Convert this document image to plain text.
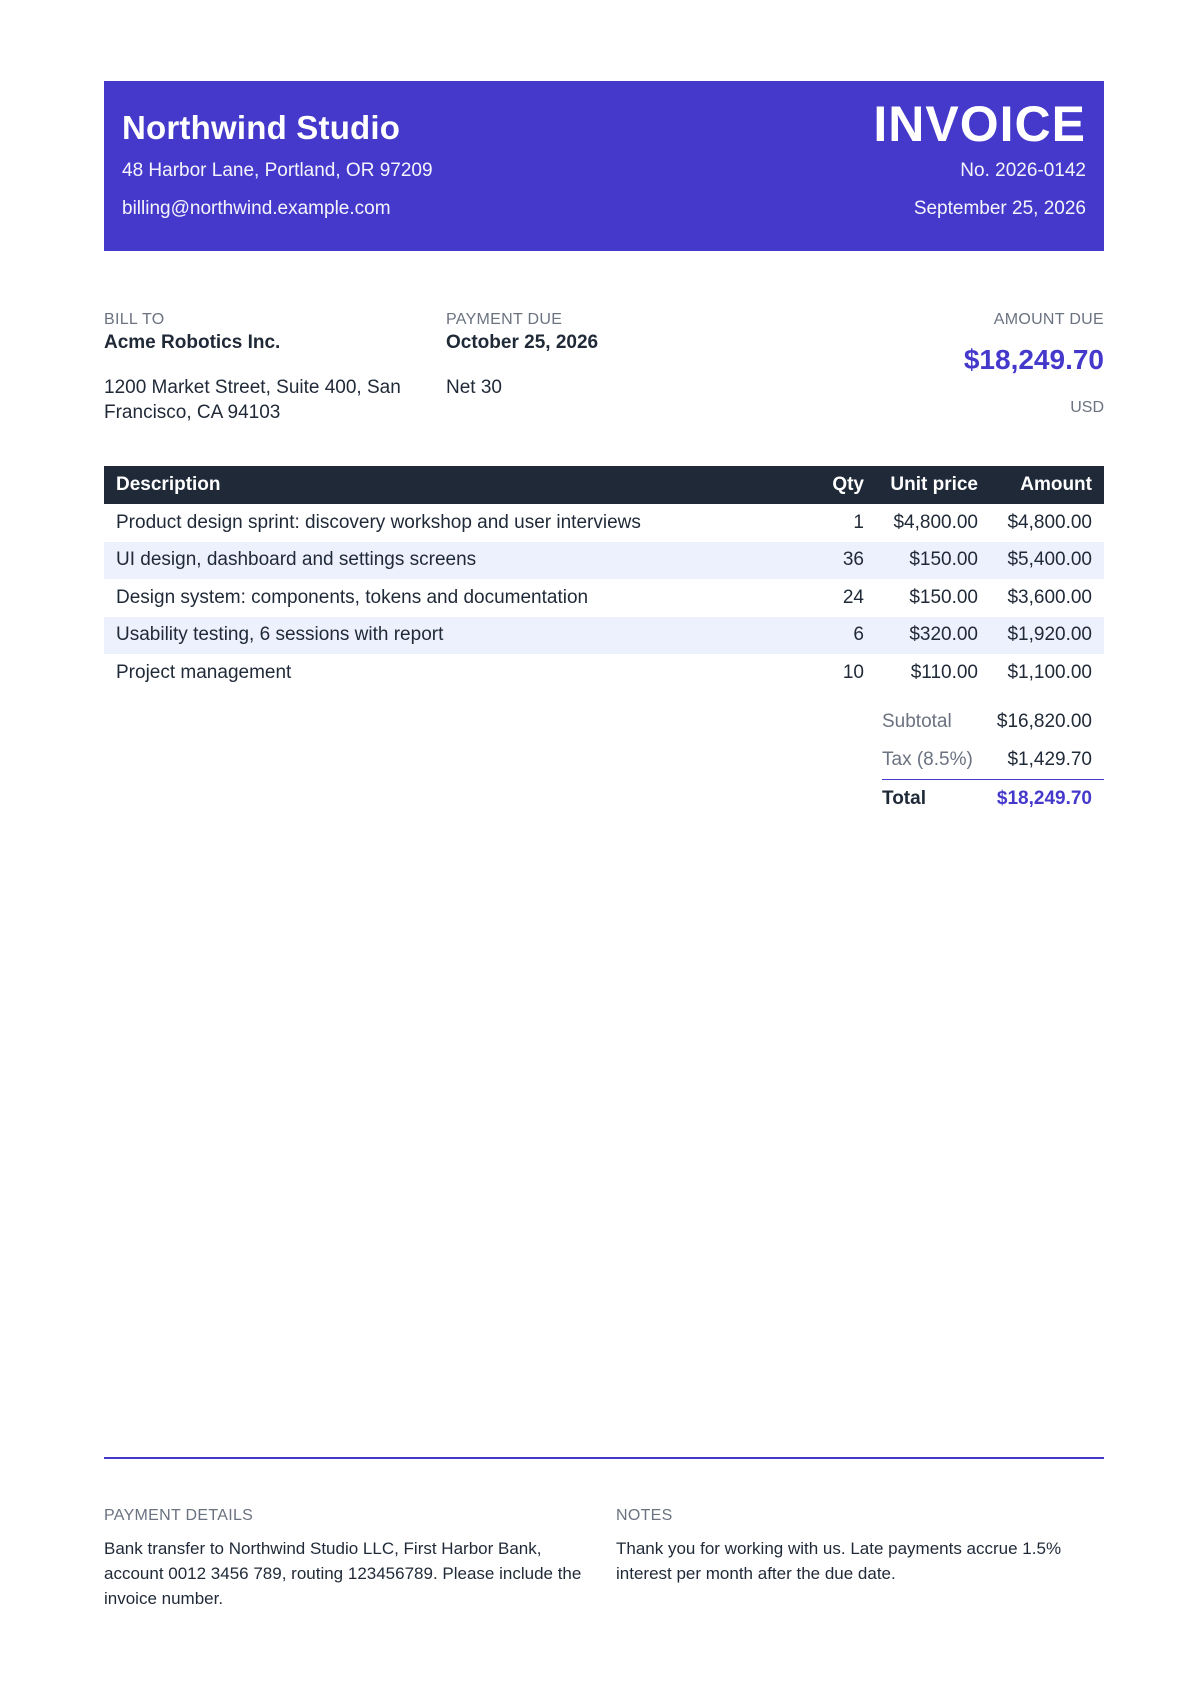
Northwind Studio
48 Harbor Lane, Portland, OR 97209
billing@northwind.example.com
INVOICE
No. 2026-0142
September 25, 2026
BILL TO
Acme Robotics Inc.
1200 Market Street, Suite 400, San Francisco, CA 94103
PAYMENT DUE
October 25, 2026
Net 30
AMOUNT DUE
$18,249.70
USD
Description	Qty	Unit price	Amount
Product design sprint: discovery workshop and user interviews	1	$4,800.00	$4,800.00
UI design, dashboard and settings screens	36	$150.00	$5,400.00
Design system: components, tokens and documentation	24	$150.00	$3,600.00
Usability testing, 6 sessions with report	6	$320.00	$1,920.00
Project management	10	$110.00	$1,100.00
Subtotal $16,820.00
Tax (8.5%) $1,429.70
Total	$18,249.70
PAYMENT DETAILS
Bank transfer to Northwind Studio LLC, First Harbor Bank, account 0012 3456 789, routing 123456789. Please include the invoice number.
NOTES
Thank you for working with us. Late payments accrue 1.5% interest per month after the due date.
